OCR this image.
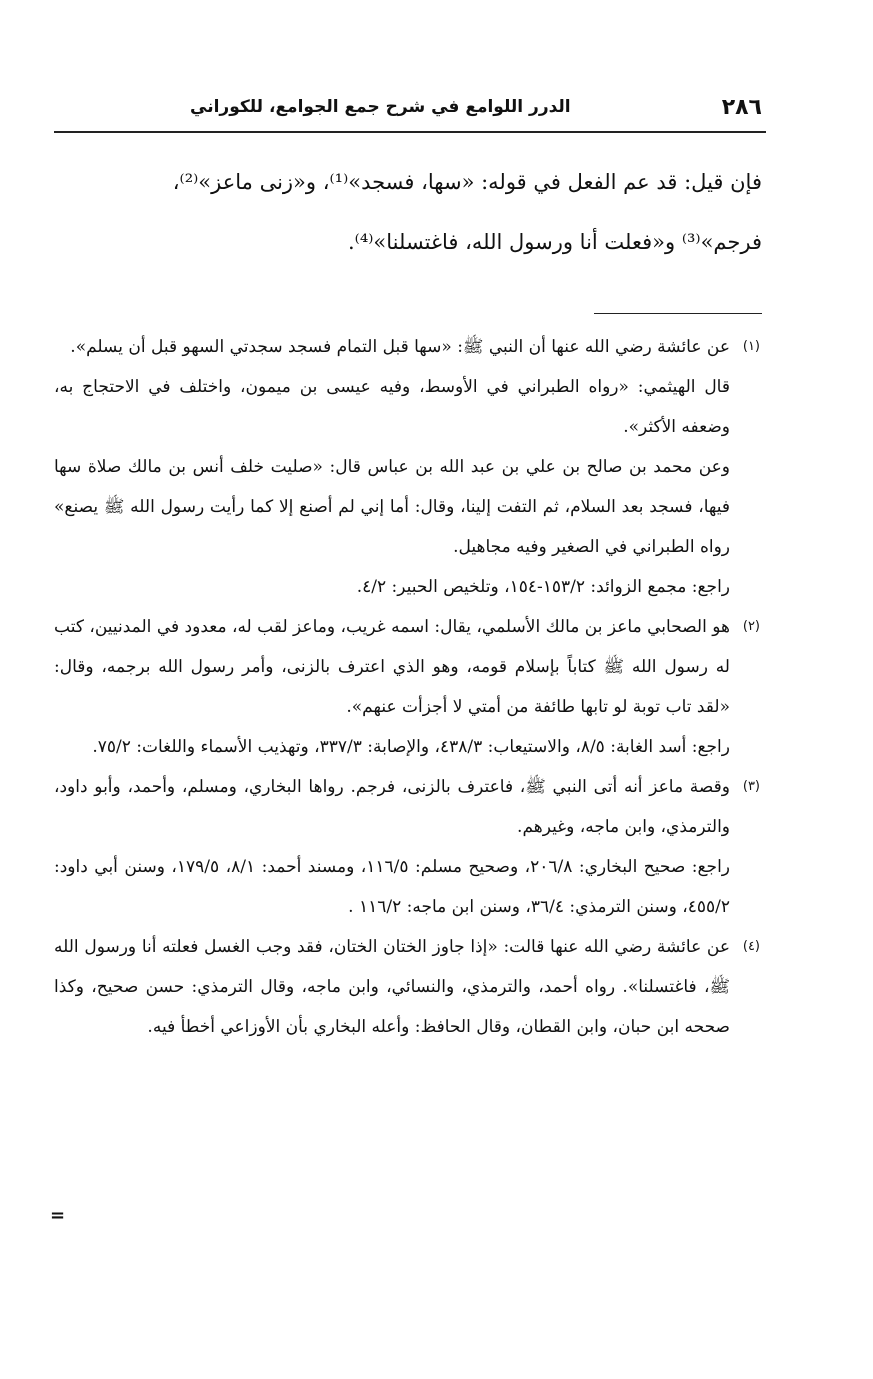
٢٨٦
الدرر اللوامع في شرح جمع الجوامع، للكوراني

فإن قيل: قد عم الفعل في قوله: «سها، فسجد»⁽¹⁾، و«زنى ماعز»⁽²⁾،

فرجم»⁽³⁾ و«فعلت أنا ورسول الله، فاغتسلنا»⁽⁴⁾.

(١)

عن عائشة رضي الله عنها أن النبي ﷺ: «سها قبل التمام فسجد سجدتي السهو قبل أن يسلم».

قال الهيثمي: «رواه الطبراني في الأوسط، وفيه عيسى بن ميمون، واختلف في الاحتجاج به، وضعفه الأكثر».

وعن محمد بن صالح بن علي بن عبد الله بن عباس قال: «صليت خلف أنس بن مالك صلاة سها فيها، فسجد بعد السلام، ثم التفت إلينا، وقال: أما إني لم أصنع إلا كما رأيت رسول الله ﷺ يصنع» رواه الطبراني في الصغير وفيه مجاهيل.

راجع: مجمع الزوائد: ١٥٣/٢-١٥٤، وتلخيص الحبير: ٤/٢.

(٢)

هو الصحابي ماعز بن مالك الأسلمي، يقال: اسمه غريب، وماعز لقب له، معدود في المدنيين، كتب له رسول الله ﷺ كتاباً بإسلام قومه، وهو الذي اعترف بالزنى، وأمر رسول الله برجمه، وقال: «لقد تاب توبة لو تابها طائفة من أمتي لا أجزأت عنهم».

راجع: أسد الغابة: ٨/٥، والاستيعاب: ٤٣٨/٣، والإصابة: ٣٣٧/٣، وتهذيب الأسماء واللغات: ٧٥/٢.

(٣)

وقصة ماعز أنه أتى النبي ﷺ، فاعترف بالزنى، فرجم. رواها البخاري، ومسلم، وأحمد، وأبو داود، والترمذي، وابن ماجه، وغيرهم.

راجع: صحيح البخاري: ٢٠٦/٨، وصحيح مسلم: ١١٦/٥، ومسند أحمد: ٨/١، ١٧٩/٥، وسنن أبي داود: ٤٥٥/٢، وسنن الترمذي: ٣٦/٤، وسنن ابن ماجه: ١١٦/٢ .

(٤)

عن عائشة رضي الله عنها قالت: «إذا جاوز الختان الختان، فقد وجب الغسل فعلته أنا ورسول الله ﷺ، فاغتسلنا». رواه أحمد، والترمذي، والنسائي، وابن ماجه، وقال الترمذي: حسن صحيح، وكذا صححه ابن حبان، وابن القطان، وقال الحافظ: وأعله البخاري بأن الأوزاعي أخطأ فيه.

=
